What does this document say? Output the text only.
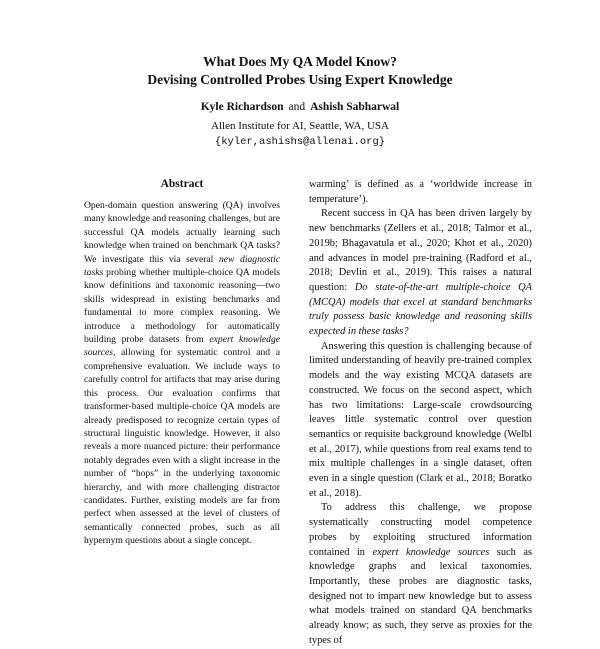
What Does My QA Model Know?
Devising Controlled Probes Using Expert Knowledge
Kyle Richardson and Ashish Sabharwal
Allen Institute for AI, Seattle, WA, USA
{kyler,ashishs@allenai.org}
Abstract
Open-domain question answering (QA) involves many knowledge and reasoning challenges, but are successful QA models actually learning such knowledge when trained on benchmark QA tasks? We investigate this via several new diagnostic tasks probing whether multiple-choice QA models know definitions and taxonomic reasoning—two skills widespread in existing benchmarks and fundamental to more complex reasoning. We introduce a methodology for automatically building probe datasets from expert knowledge sources, allowing for systematic control and a comprehensive evaluation. We include ways to carefully control for artifacts that may arise during this process. Our evaluation confirms that transformer-based multiple-choice QA models are already predisposed to recognize certain types of structural linguistic knowledge. However, it also reveals a more nuanced picture: their performance notably degrades even with a slight increase in the number of “hops” in the underlying taxonomic hierarchy, and with more challenging distractor candidates. Further, existing models are far from perfect when assessed at the level of clusters of semantically connected probes, such as all hypernym questions about a single concept.

warming’ is defined as a ‘worldwide increase in temperature’).

Recent success in QA has been driven largely by new benchmarks (Zellers et al., 2018; Talmor et al., 2019b; Bhagavatula et al., 2020; Khot et al., 2020) and advances in model pre-training (Radford et al., 2018; Devlin et al., 2019). This raises a natural question: Do state-of-the-art multiple-choice QA (MCQA) models that excel at standard benchmarks truly possess basic knowledge and reasoning skills expected in these tasks?

Answering this question is challenging because of limited understanding of heavily pre-trained complex models and the way existing MCQA datasets are constructed. We focus on the second aspect, which has two limitations: Large-scale crowdsourcing leaves little systematic control over question semantics or requisite background knowledge (Welbl et al., 2017), while questions from real exams tend to mix multiple challenges in a single dataset, often even in a single question (Clark et al., 2018; Boratko et al., 2018).

To address this challenge, we propose systematically constructing model competence probes by exploiting structured information contained in expert knowledge sources such as knowledge graphs and lexical taxonomies. Importantly, these probes are diagnostic tasks, designed not to impart new knowledge but to assess what models trained on standard QA benchmarks already know; as such, they serve as proxies for the types of
